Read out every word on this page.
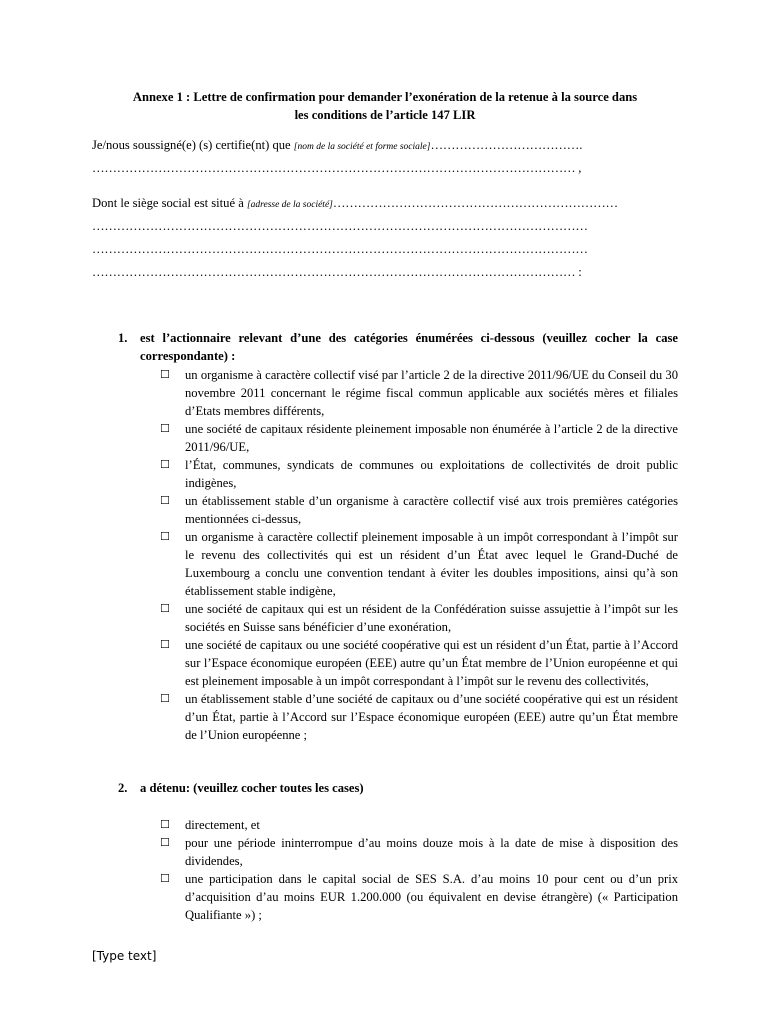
Annexe 1 : Lettre de confirmation pour demander l’exonération de la retenue à la source dans
les conditions de l’article 147 LIR
Je/nous soussigné(e) (s) certifie(nt) que [nom de la société et forme sociale]……………………………….
……………………………………………………………………………………………………… ,
Dont le siège social est situé à [adresse de la société]……………………………………………………………
…………………………………………………………………………………………………………
…………………………………………………………………………………………………………
……………………………………………………………………………………………………… :
1. est l’actionnaire relevant d’une des catégories énumérées ci-dessous (veuillez cocher la case correspondante) :
☐ un organisme à caractère collectif visé par l’article 2 de la directive 2011/96/UE du Conseil du 30 novembre 2011 concernant le régime fiscal commun applicable aux sociétés mères et filiales d’Etats membres différents,
☐ une société de capitaux résidente pleinement imposable non énumérée à l’article 2 de la directive 2011/96/UE,
☐ l’État, communes, syndicats de communes ou exploitations de collectivités de droit public indigènes,
☐ un établissement stable d’un organisme à caractère collectif visé aux trois premières catégories mentionnées ci-dessus,
☐ un organisme à caractère collectif pleinement imposable à un impôt correspondant à l’impôt sur le revenu des collectivités qui est un résident d’un État avec lequel le Grand-Duché de Luxembourg a conclu une convention tendant à éviter les doubles impositions, ainsi qu’à son établissement stable indigène,
☐ une société de capitaux qui est un résident de la Confédération suisse assujettie à l’impôt sur les sociétés en Suisse sans bénéficier d’une exonération,
☐ une société de capitaux ou une société coopérative qui est un résident d’un État, partie à l’Accord sur l’Espace économique européen (EEE) autre qu’un État membre de l’Union européenne et qui est pleinement imposable à un impôt correspondant à l’impôt sur le revenu des collectivités,
☐ un établissement stable d’une société de capitaux ou d’une société coopérative qui est un résident d’un État, partie à l’Accord sur l’Espace économique européen (EEE) autre qu’un État membre de l’Union européenne ;
2. a détenu: (veuillez cocher toutes les cases)
☐ directement, et
☐ pour une période ininterrompue d’au moins douze mois à la date de mise à disposition des dividendes,
☐ une participation dans le capital social de SES S.A. d’au moins 10 pour cent ou d’un prix d’acquisition d’au moins EUR 1.200.000 (ou équivalent en devise étrangère) (« Participation Qualifiante ») ;
[Type text]
